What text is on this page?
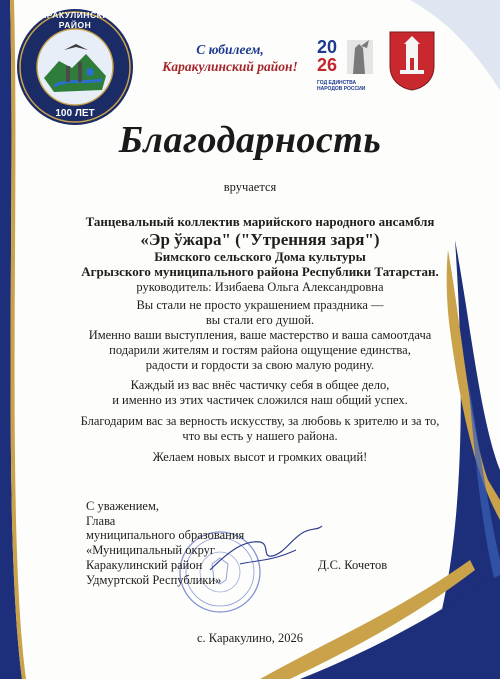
КАРАКУЛИНСКИЙ РАЙОН
100 ЛЕТ
С юбилеем,
Каракулинский район!
20
26
ГОД ЕДИНСТВА
НАРОДОВ РОССИИ
Благодарность
вручается
Танцевальный коллектив марийского народного ансамбля
«Эр ўжара" ("Утренняя заря")
Бимского сельского Дома культуры
Агрызского муниципального района Республики Татарстан.
руководитель: Изибаева Ольга Александровна
Вы стали не просто украшением праздника —
вы стали его душой.
Именно ваши выступления, ваше мастерство и ваша самоотдача
подарили жителям и гостям района ощущение единства,
радости и гордости за свою малую родину.
Каждый из вас внёс частичку себя в общее дело,
и именно из этих частичек сложился наш общий успех.
Благодарим вас за верность искусству, за любовь к зрителю и за то,
что вы есть у нашего района.
Желаем новых высот и громких оваций!
С уважением,
Глава
муниципального образования
«Муниципальный округ
Каракулинский район
Удмуртской Республики»
Д.С. Кочетов
с. Каракулино, 2026
